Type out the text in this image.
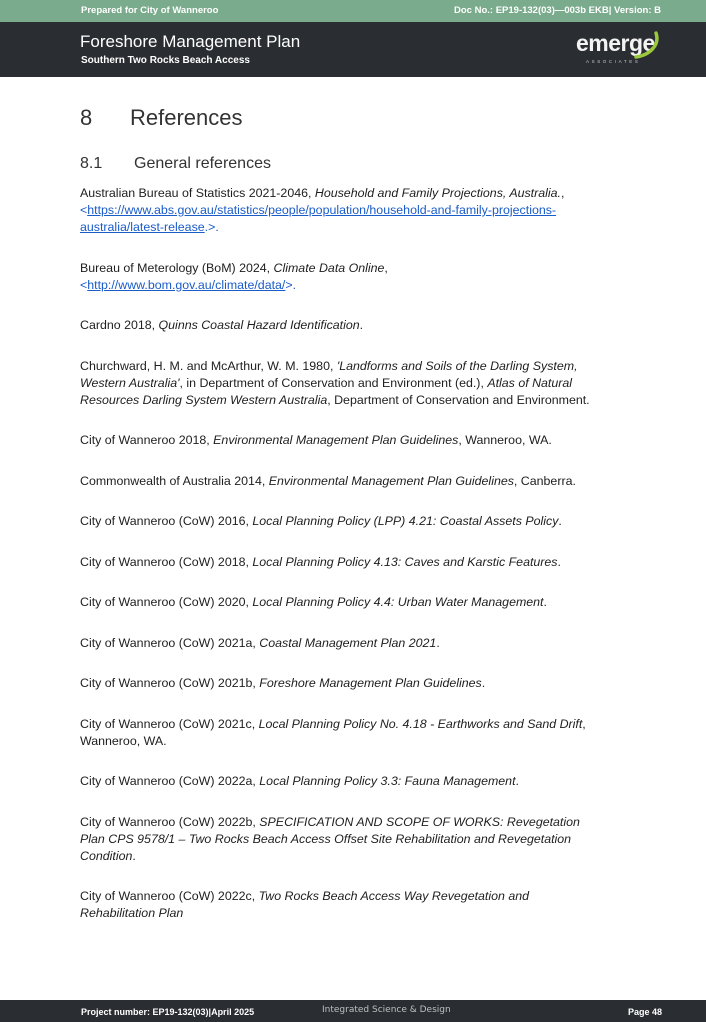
Prepared for City of Wanneroo	Doc No.: EP19-132(03)—003b EKB| Version: B
Foreshore Management Plan
Southern Two Rocks Beach Access
emerge
ASSOCIATES
8	References
8.1	General references
Australian Bureau of Statistics 2021-2046, Household and Family Projections, Australia., <https://www.abs.gov.au/statistics/people/population/household-and-family-projections-australia/latest-release.>.
Bureau of Meterology (BoM) 2024, Climate Data Online, <http://www.bom.gov.au/climate/data/>.
Cardno 2018, Quinns Coastal Hazard Identification.
Churchward, H. M. and McArthur, W. M. 1980, 'Landforms and Soils of the Darling System, Western Australia', in Department of Conservation and Environment (ed.), Atlas of Natural Resources Darling System Western Australia, Department of Conservation and Environment.
City of Wanneroo 2018, Environmental Management Plan Guidelines, Wanneroo, WA.
Commonwealth of Australia 2014, Environmental Management Plan Guidelines, Canberra.
City of Wanneroo (CoW) 2016, Local Planning Policy (LPP) 4.21: Coastal Assets Policy.
City of Wanneroo (CoW) 2018, Local Planning Policy 4.13: Caves and Karstic Features.
City of Wanneroo (CoW) 2020, Local Planning Policy 4.4: Urban Water Management.
City of Wanneroo (CoW) 2021a, Coastal Management Plan 2021.
City of Wanneroo (CoW) 2021b, Foreshore Management Plan Guidelines.
City of Wanneroo (CoW) 2021c, Local Planning Policy No. 4.18 - Earthworks and Sand Drift, Wanneroo, WA.
City of Wanneroo (CoW) 2022a, Local Planning Policy 3.3: Fauna Management.
City of Wanneroo (CoW) 2022b, SPECIFICATION AND SCOPE OF WORKS: Revegetation Plan CPS 9578/1 – Two Rocks Beach Access Offset Site Rehabilitation and Revegetation Condition.
City of Wanneroo (CoW) 2022c, Two Rocks Beach Access Way Revegetation and Rehabilitation Plan
Project number: EP19-132(03)|April 2025	Integrated Science & Design	Page 48
